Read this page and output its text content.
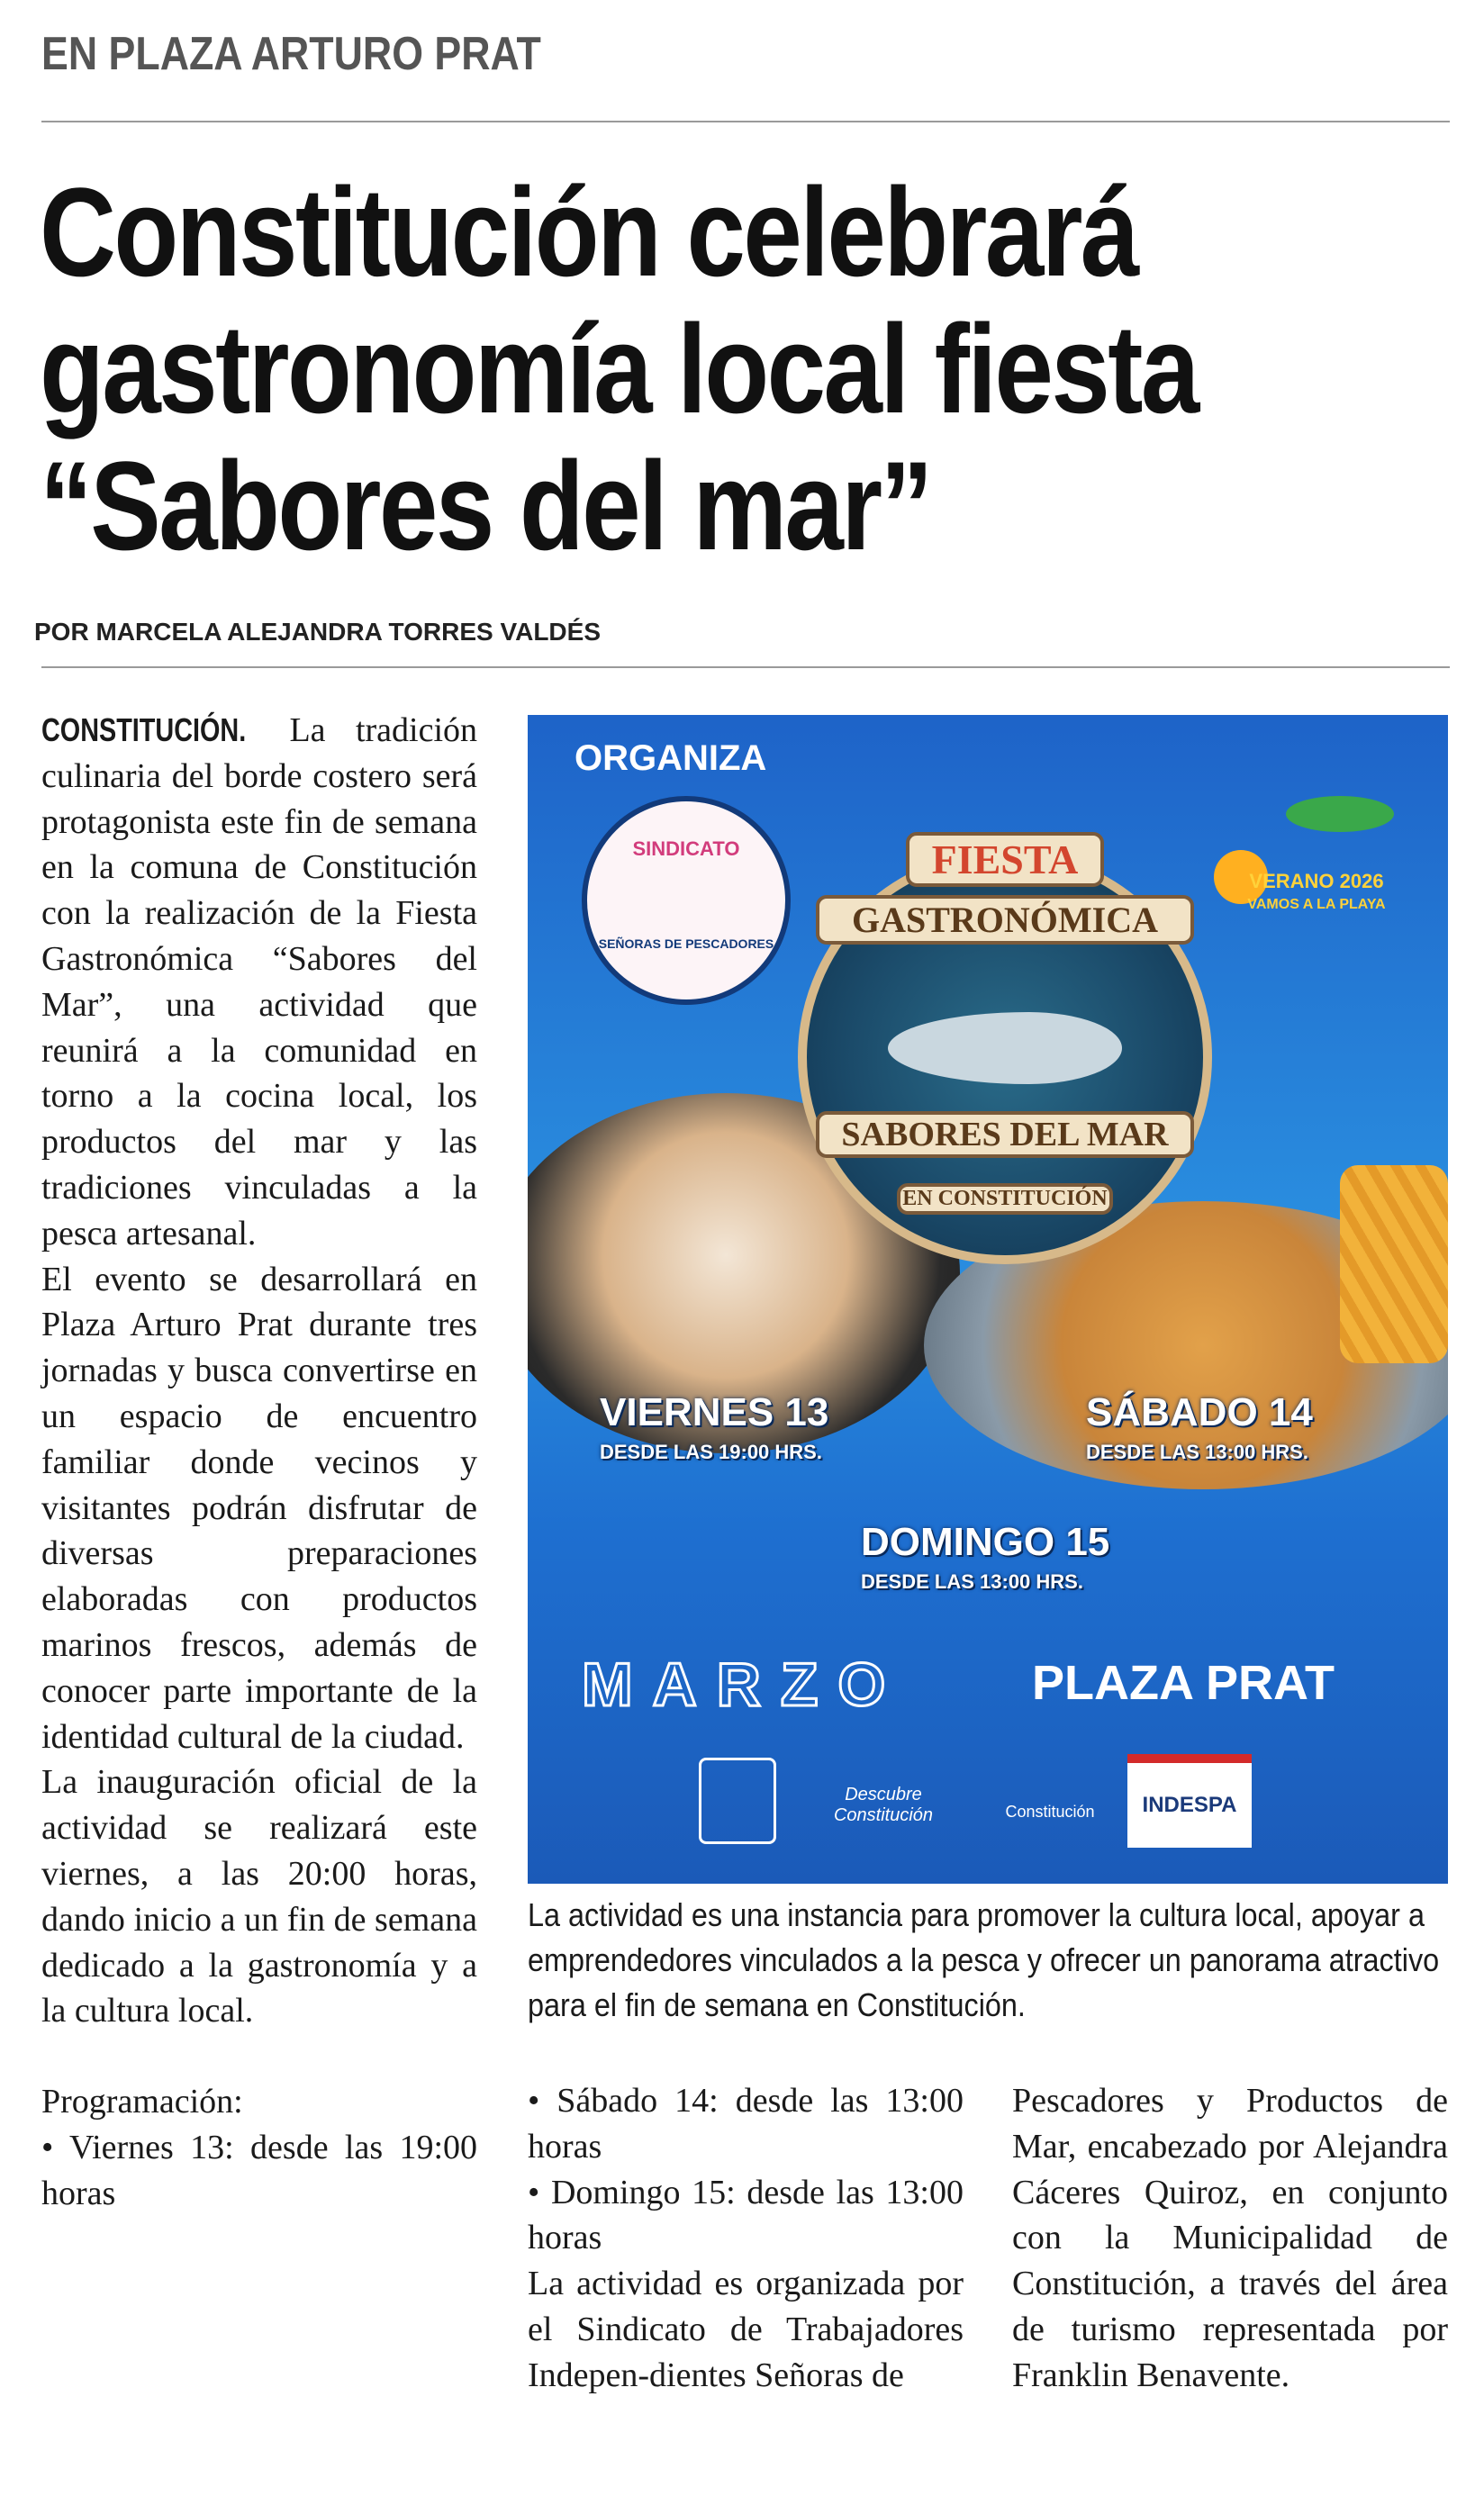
EN PLAZA ARTURO PRAT
Constitución celebrará
gastronomía local fiesta
“Sabores del mar”
POR MARCELA ALEJANDRA TORRES VALDÉS

CONSTITUCIÓN. La tradición culinaria del borde costero será protagonista este fin de semana en la comuna de Constitución con la realización de la Fiesta Gastronómica “Sabores del Mar”, una actividad que reunirá a la comunidad en torno a la cocina local, los productos del mar y las tradiciones vinculadas a la pesca artesanal.

El evento se desarrollará en Plaza Arturo Prat durante tres jornadas y busca convertirse en un espacio de encuentro familiar donde vecinos y visitantes podrán disfrutar de diversas preparaciones elaboradas con productos marinos frescos, además de conocer parte importante de la identidad cultural de la ciudad.

La inauguración oficial de la actividad se realizará este viernes, a las 20:00 horas, dando inicio a un fin de semana dedicado a la gastronomía y a la cultura local.

Programación:

• Viernes 13: desde las 19:00 horas

ORGANIZA
SINDICATO
SEÑORAS DE PESCADORES
VERANO 2026
VAMOS A LA PLAYA
FIESTA
GASTRONÓMICA
SABORES DEL MAR
EN CONSTITUCIÓN
VIERNES 13
DESDE LAS 19:00 HRS.
SÁBADO 14
DESDE LAS 13:00 HRS.
DOMINGO 15
DESDE LAS 13:00 HRS.
MARZO	PLAZA PRAT
Descubre Constitución	Constitución	INDESPA
La actividad es una instancia para promover la cultura local, apoyar a emprendedores vinculados a la pesca y ofrecer un panorama atractivo para el fin de semana en Constitución.

• Sábado 14: desde las 13:00 horas

• Domingo 15: desde las 13:00 horas

La actividad es organizada por el Sindicato de Trabajadores Indepen-dientes Señoras de

Pescadores y Productos de Mar, encabezado por Alejandra Cáceres Quiroz, en conjunto con la Municipalidad de Constitución, a través del área de turismo representada por Franklin Benavente.
